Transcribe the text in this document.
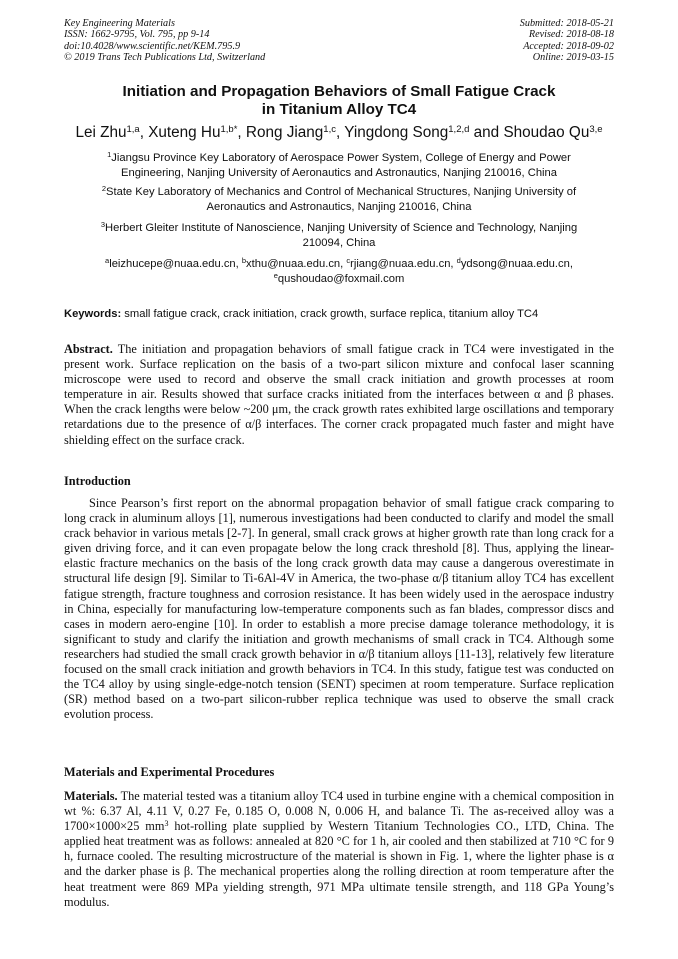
Key Engineering Materials
ISSN: 1662-9795, Vol. 795, pp 9-14
doi:10.4028/www.scientific.net/KEM.795.9
© 2019 Trans Tech Publications Ltd, Switzerland
Submitted: 2018-05-21
Revised: 2018-08-18
Accepted: 2018-09-02
Online: 2019-03-15
Initiation and Propagation Behaviors of Small Fatigue Crack
in Titanium Alloy TC4
Lei Zhu$^{1,a}$, Xuteng $Hu^{1,b*}$, Rong Jiang$^{1,c}$, Yingdong Song$^{1,2,d}$ and Shoudao Qu$^{3,e}$
$^1$Jiangsu Province Key Laboratory of Aerospace Power System, College of Energy and Power
Engineering, Nanjing University of Aeronautics and Astronautics, Nanjing 210016, China
$^2$State Key Laboratory of Mechanics and Control of Mechanical Structures, Nanjing University of
Aeronautics and Astronautics, Nanjing 210016, China
$^3$Herbert Gleiter Institute of Nanoscience, Nanjing University of Science and Technology, Nanjing
210094, China
$^a$leizhucepe@nuaa.edu.cn, $^b$xthu@nuaa.edu.cn, $^c$rjiang@nuaa.edu.cn, $^d$ydsong@nuaa.edu.cn,
$^e$qushoudao@foxmail.com
Keywords: small fatigue crack, crack initiation, crack growth, surface replica, titanium alloy TC4
Abstract. The initiation and propagation behaviors of small fatigue crack in TC4 were investigated in the present work. Surface replication on the basis of a two-part silicon mixture and confocal laser scanning microscope were used to record and observe the small crack initiation and growth processes at room temperature in air. Results showed that surface cracks initiated from the interfaces between α and β phases. When the crack lengths were below ~200 μm, the crack growth rates exhibited large oscillations and temporary retardations due to the presence of α/β interfaces. The corner crack propagated much faster and might have shielding effect on the surface crack.
Introduction
Since Pearson’s first report on the abnormal propagation behavior of small fatigue crack comparing to long crack in aluminum alloys [1], numerous investigations had been conducted to clarify and model the small crack behavior in various metals [2-7]. In general, small crack grows at higher growth rate than long crack for a given driving force, and it can even propagate below the long crack threshold [8]. Thus, applying the linear-elastic fracture mechanics on the basis of the long crack growth data may cause a dangerous overestimate in structural life design [9]. Similar to Ti-6Al-4V in America, the two-phase α/β titanium alloy TC4 has excellent fatigue strength, fracture toughness and corrosion resistance. It has been widely used in the aerospace industry in China, especially for manufacturing low-temperature components such as fan blades, compressor discs and cases in modern aero-engine [10]. In order to establish a more precise damage tolerance methodology, it is significant to study and clarify the initiation and growth mechanisms of small crack in TC4. Although some researchers had studied the small crack growth behavior in α/β titanium alloys [11-13], relatively few literature focused on the small crack initiation and growth behaviors in TC4. In this study, fatigue test was conducted on the TC4 alloy by using single-edge-notch tension (SENT) specimen at room temperature. Surface replication (SR) method based on a two-part silicon-rubber replica technique was used to observe the small crack evolution process.
Materials and Experimental Procedures
Materials. The material tested was a titanium alloy TC4 used in turbine engine with a chemical composition in wt %: 6.37 Al, 4.11 V, 0.27 Fe, 0.185 O, 0.008 N, 0.006 H, and balance Ti. The as-received alloy was a 1700×1000×25 $mm^3$ hot-rolling plate supplied by Western Titanium Technologies CO., LTD, China. The applied heat treatment was as follows: annealed at 820 °C for 1 h, air cooled and then stabilized at 710 °C for 9 h, furnace cooled. The resulting microstructure of the material is shown in Fig. 1, where the lighter phase is α and the darker phase is β. The mechanical properties along the rolling direction at room temperature after the heat treatment were 869 MPa yielding strength, 971 MPa ultimate tensile strength, and 118 GPa Young’s modulus.
